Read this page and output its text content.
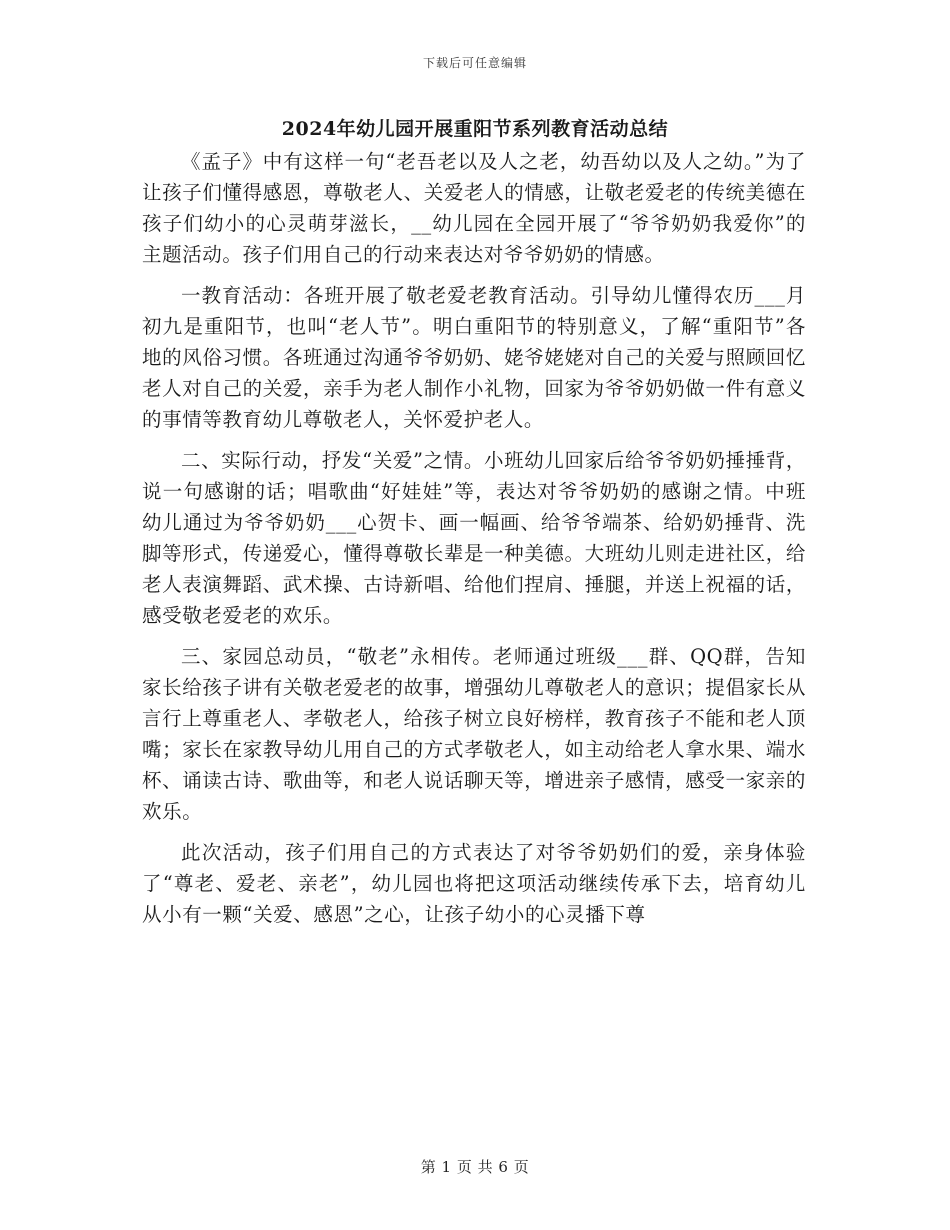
下载后可任意编辑
2024年幼儿园开展重阳节系列教育活动总结

《孟子》中有这样一句“老吾老以及人之老，幼吾幼以及人之幼。”为了让孩子们懂得感恩，尊敬老人、关爱老人的情感，让敬老爱老的传统美德在孩子们幼小的心灵萌芽滋长，__幼儿园在全园开展了“爷爷奶奶我爱你”的主题活动。孩子们用自己的行动来表达对爷爷奶奶的情感。

一教育活动：各班开展了敬老爱老教育活动。引导幼儿懂得农历___月初九是重阳节，也叫“老人节”。明白重阳节的特别意义，了解“重阳节”各地的风俗习惯。各班通过沟通爷爷奶奶、姥爷姥姥对自己的关爱与照顾回忆老人对自己的关爱，亲手为老人制作小礼物，回家为爷爷奶奶做一件有意义的事情等教育幼儿尊敬老人，关怀爱护老人。

二、实际行动，抒发“关爱”之情。小班幼儿回家后给爷爷奶奶捶捶背，说一句感谢的话；唱歌曲“好娃娃”等，表达对爷爷奶奶的感谢之情。中班幼儿通过为爷爷奶奶___心贺卡、画一幅画、给爷爷端茶、给奶奶捶背、洗脚等形式，传递爱心，懂得尊敬长辈是一种美德。大班幼儿则走进社区，给老人表演舞蹈、武术操、古诗新唱、给他们捏肩、捶腿，并送上祝福的话，感受敬老爱老的欢乐。

三、家园总动员，“敬老”永相传。老师通过班级___群、QQ群，告知家长给孩子讲有关敬老爱老的故事，增强幼儿尊敬老人的意识；提倡家长从言行上尊重老人、孝敬老人，给孩子树立良好榜样，教育孩子不能和老人顶嘴；家长在家教导幼儿用自己的方式孝敬老人，如主动给老人拿水果、端水杯、诵读古诗、歌曲等，和老人说话聊天等，增进亲子感情，感受一家亲的欢乐。

此次活动，孩子们用自己的方式表达了对爷爷奶奶们的爱，亲身体验了“尊老、爱老、亲老”，幼儿园也将把这项活动继续传承下去，培育幼儿从小有一颗“关爱、感恩”之心，让孩子幼小的心灵播下尊

第 1 页 共 6 页
